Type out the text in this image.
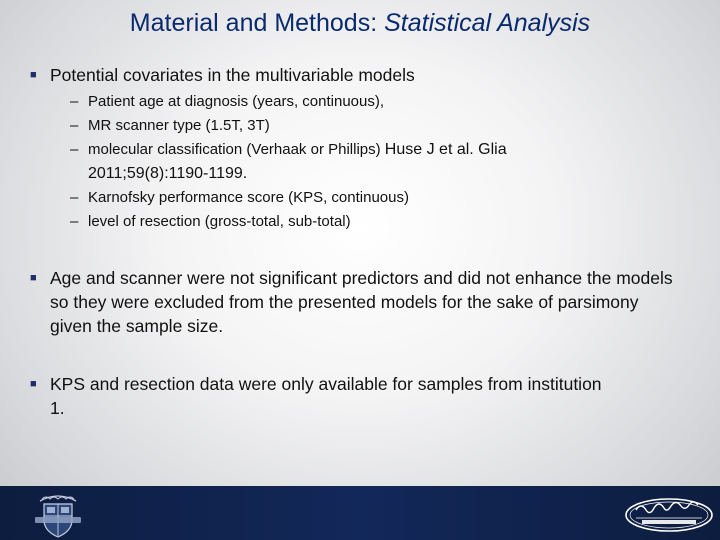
Material and Methods: Statistical Analysis
■ Potential covariates in the multivariable models
– Patient age at diagnosis (years, continuous),
– MR scanner type (1.5T, 3T)
– molecular classification (Verhaak or Phillips) Huse J et al. Glia 2011;59(8):1190-1199.
– Karnofsky performance score (KPS, continuous)
– level of resection (gross-total, sub-total)
■ Age and scanner were not significant predictors and did not enhance the models so they were excluded from the presented models for the sake of parsimony given the sample size.
■ KPS and resection data were only available for samples from institution 1.
